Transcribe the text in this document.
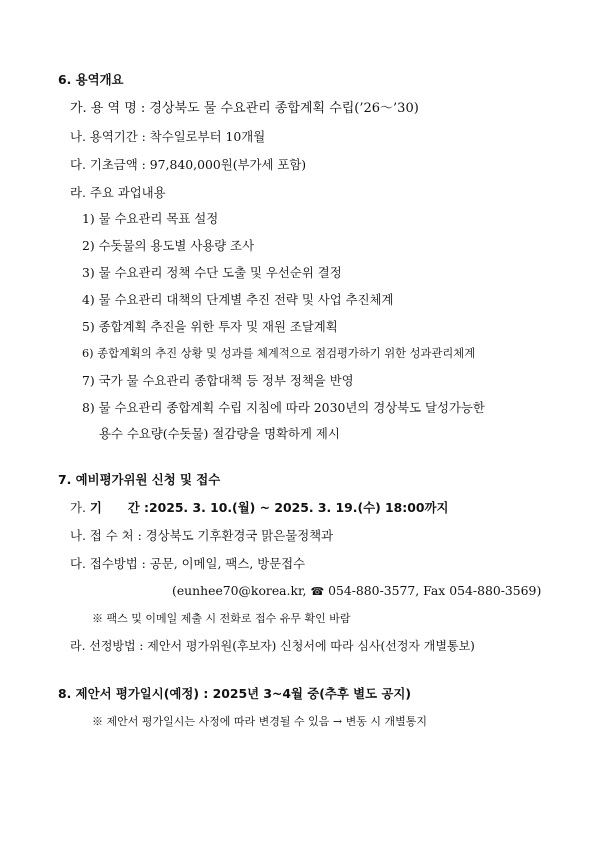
6. 용역개요
가. 용 역 명 : 경상북도 물 수요관리 종합계획 수립(’26～’30)
나. 용역기간 : 착수일로부터 10개월
다. 기초금액 : 97,840,000원(부가세 포함)
라. 주요 과업내용
1) 물 수요관리 목표 설정
2) 수돗물의 용도별 사용량 조사
3) 물 수요관리 정책 수단 도출 및 우선순위 결정
4) 물 수요관리 대책의 단계별 추진 전략 및 사업 추진체계
5) 종합계획 추진을 위한 투자 및 재원 조달계획
6) 종합계획의 추진 상황 및 성과를 체계적으로 점검평가하기 위한 성과관리체계
7) 국가 물 수요관리 종합대책 등 정부 정책을 반영
8) 물 수요관리 종합계획 수립 지침에 따라 2030년의 경상북도 달성가능한
용수 수요량(수돗물) 절감량을 명확하게 제시
7. 예비평가위원 신청 및 접수
가. 기      간 :2025. 3. 10.(월) ~ 2025. 3. 19.(수) 18:00까지
나. 접 수 처 : 경상북도 기후환경국 맑은물정책과
다. 접수방법 : 공문, 이메일, 팩스, 방문접수
(eunhee70@korea.kr, ☎ 054-880-3577, Fax 054-880-3569)
※ 팩스 및 이메일 제출 시 전화로 접수 유무 확인 바람
라. 선정방법 : 제안서 평가위원(후보자) 신청서에 따라 심사(선정자 개별통보)
8. 제안서 평가일시(예정) : 2025년 3~4월 중(추후 별도 공지)
※ 제안서 평가일시는 사정에 따라 변경될 수 있음 → 변동 시 개별통지
